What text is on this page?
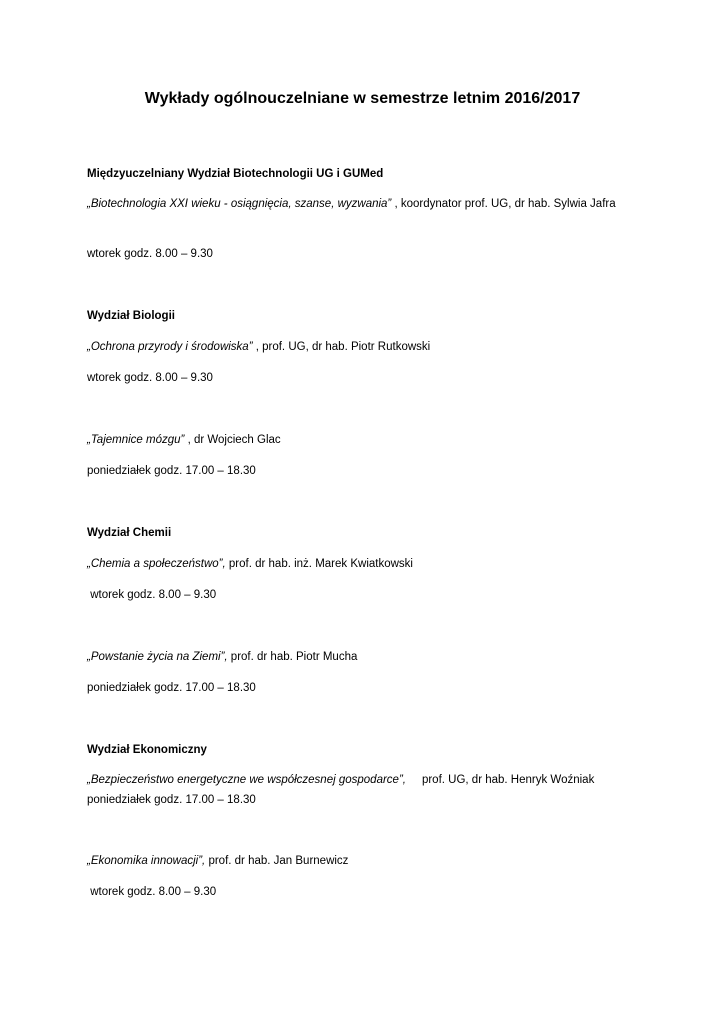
Wykłady ogólnouczelniane w semestrze letnim 2016/2017
Międzyuczelniany Wydział Biotechnologii UG i GUMed
„Biotechnologia XXI wieku - osiągnięcia, szanse, wyzwania” , koordynator prof. UG, dr hab. Sylwia Jafra
wtorek godz. 8.00 – 9.30
Wydział Biologii
„Ochrona przyrody i środowiska” , prof. UG, dr hab. Piotr Rutkowski
wtorek godz. 8.00 – 9.30
„Tajemnice mózgu” , dr Wojciech Glac
poniedziałek godz. 17.00 – 18.30
Wydział Chemii
„Chemia a społeczeństwo”, prof. dr hab. inż. Marek Kwiatkowski
wtorek godz. 8.00 – 9.30
„Powstanie życia na Ziemi”, prof. dr hab. Piotr Mucha
poniedziałek godz. 17.00 – 18.30
Wydział Ekonomiczny
„Bezpieczeństwo energetyczne we współczesnej gospodarce”,     prof. UG, dr hab. Henryk Woźniak
poniedziałek godz. 17.00 – 18.30
„Ekonomika innowacji”, prof. dr hab. Jan Burnewicz
wtorek godz. 8.00 – 9.30
